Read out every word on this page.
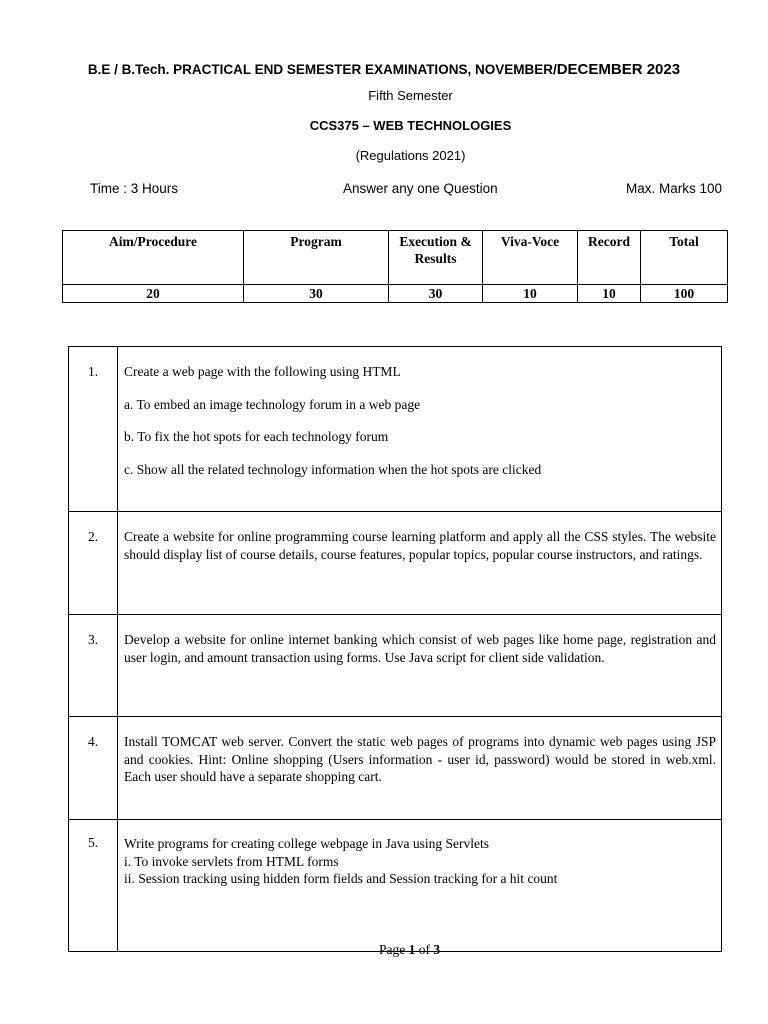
B.E / B.Tech. PRACTICAL END SEMESTER EXAMINATIONS, NOVEMBER/DECEMBER 2023
Fifth Semester
CCS375 – WEB TECHNOLOGIES
(Regulations 2021)
Time : 3 Hours	Answer any one Question	Max. Marks 100
Aim/Procedure	Program	Execution & Results	Viva-Voce	Record	Total
20	30	30	10	10	100
1.	Create a web page with the following using HTML
a. To embed an image technology forum in a web page
b. To fix the hot spots for each technology forum
c. Show all the related technology information when the hot spots are clicked

2.	Create a website for online programming course learning platform and apply all the CSS styles. The website should display list of course details, course features, popular topics, popular course instructors, and ratings.
3.	Develop a website for online internet banking which consist of web pages like home page, registration and user login, and amount transaction using forms. Use Java script for client side validation.
4.	Install TOMCAT web server. Convert the static web pages of programs into dynamic web pages using JSP and cookies. Hint: Online shopping (Users information - user id, password) would be stored in web.xml. Each user should have a separate shopping cart.
5.	Write programs for creating college webpage in Java using Servlets
i. To invoke servlets from HTML forms
ii. Session tracking using hidden form fields and Session tracking for a hit count
Page 1 of 3
